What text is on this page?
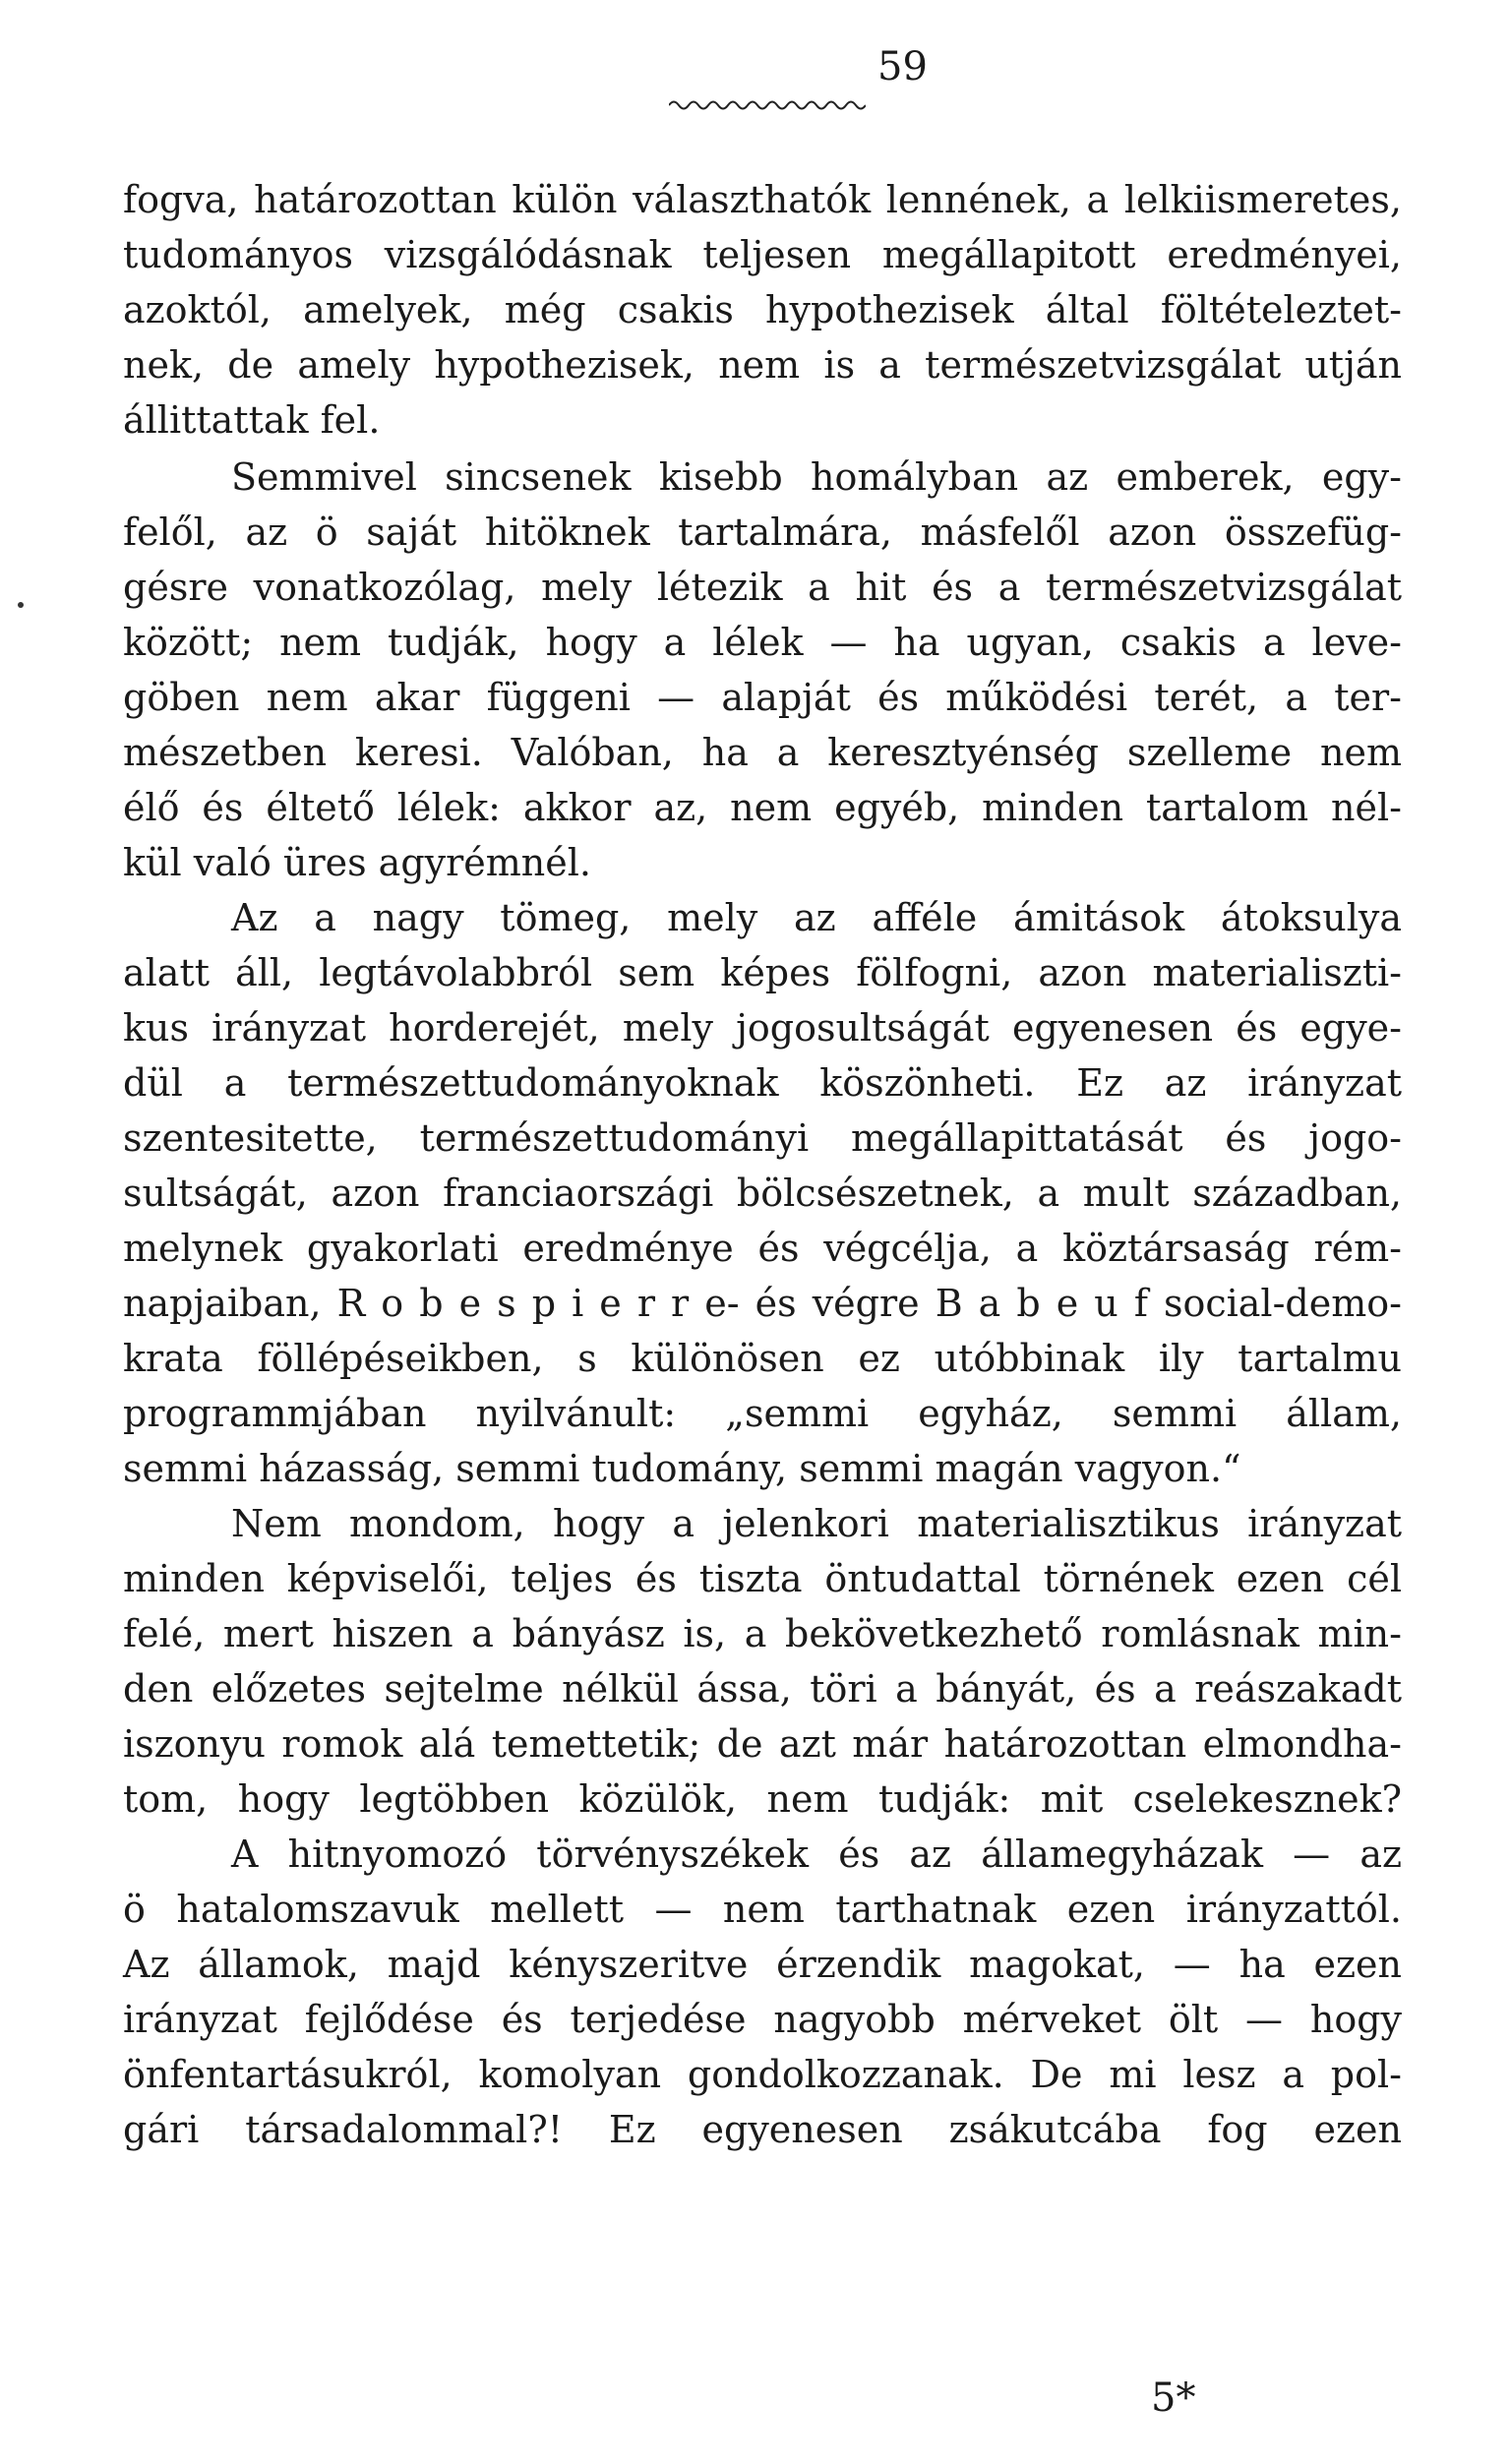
59
fogva, határozottan külön választhatók lennének, a lelkiismeretes,
tudományos vizsgálódásnak teljesen megállapitott eredményei,
azoktól, amelyek, még csakis hypothezisek által föltételeztet-
nek, de amely hypothezisek, nem is a természetvizsgálat utján
állittattak fel.
Semmivel sincsenek kisebb homályban az emberek, egy-
felől, az ö saját hitöknek tartalmára, másfelől azon összefüg-
gésre vonatkozólag, mely létezik a hit és a természetvizsgálat
között; nem tudják, hogy a lélek — ha ugyan, csakis a leve-
göben nem akar függeni — alapját és működési terét, a ter-
mészetben keresi. Valóban, ha a keresztyénség szelleme nem
élő és éltető lélek: akkor az, nem egyéb, minden tartalom nél-
kül való üres agyrémnél.
Az a nagy tömeg, mely az afféle ámitások átoksulya
alatt áll, legtávolabbról sem képes fölfogni, azon materialiszti-
kus irányzat horderejét, mely jogosultságát egyenesen és egye-
dül a természettudományoknak köszönheti. Ez az irányzat
szentesitette, természettudományi megállapittatását és jogo-
sultságát, azon franciaországi bölcsészetnek, a mult században,
melynek gyakorlati eredménye és végcélja, a köztársaság rém-
napjaiban, R o b e s p i e r r e- és végre B a b e u f social-demo-
krata föllépéseikben, s különösen ez utóbbinak ily tartalmu
programmjában nyilvánult: „semmi egyház, semmi állam,
semmi házasság, semmi tudomány, semmi magán vagyon.“
Nem mondom, hogy a jelenkori materialisztikus irányzat
minden képviselői, teljes és tiszta öntudattal törnének ezen cél
felé, mert hiszen a bányász is, a bekövetkezhető romlásnak min-
den előzetes sejtelme nélkül ássa, töri a bányát, és a reászakadt
iszonyu romok alá temettetik; de azt már határozottan elmondha-
tom, hogy legtöbben közülök, nem tudják: mit cselekesznek?
A hitnyomozó törvényszékek és az államegyházak — az
ö hatalomszavuk mellett — nem tarthatnak ezen irányzattól.
Az államok, majd kényszeritve érzendik magokat, — ha ezen
irányzat fejlődése és terjedése nagyobb mérveket ölt — hogy
önfentartásukról, komolyan gondolkozzanak. De mi lesz a pol-
gári társadalommal?! Ez egyenesen zsákutcába fog ezen
5*
